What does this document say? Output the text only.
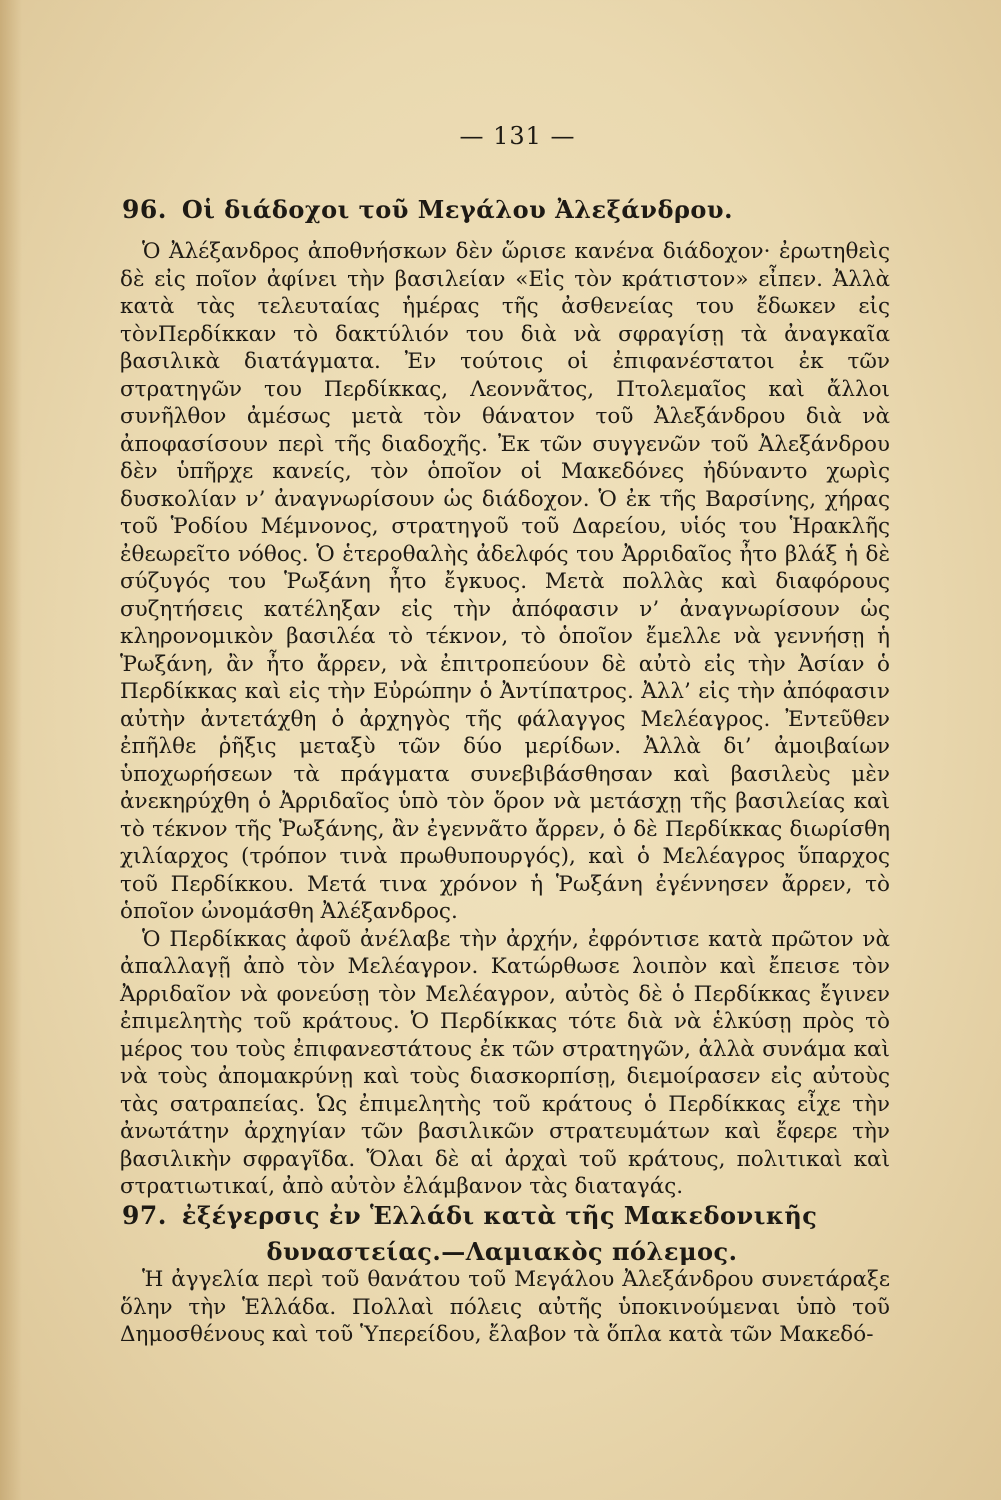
— 131 —
96. Οἱ διάδοχοι τοῦ Μεγάλου Ἀλεξάνδρου.

Ὁ Ἀλέξανδρος ἀποθνήσκων δὲν ὥρισε κανένα διάδοχον· ἐρωτηθεὶς δὲ εἰς ποῖον ἀφίνει τὴν βασιλείαν «Εἰς τὸν κράτιστον» εἶπεν. Ἀλλὰ κατὰ τὰς τελευταίας ἡμέρας τῆς ἀσθενείας του ἔδωκεν εἰς τὸνΠερδίκκαν τὸ δακτύλιόν του διὰ νὰ σφραγίσῃ τὰ ἀναγκαῖα βασιλικὰ διατάγματα. Ἐν τούτοις οἱ ἐπιφανέστατοι ἐκ τῶν στρατηγῶν του Περδίκκας, Λεοννᾶτος, Πτολεμαῖος καὶ ἄλλοι συνῆλθον ἀμέσως μετὰ τὸν θάνατον τοῦ Ἀλεξάνδρου διὰ νὰ ἀποφασίσουν περὶ τῆς διαδοχῆς. Ἐκ τῶν συγγενῶν τοῦ Ἀλεξάνδρου δὲν ὑπῆρχε κανείς, τὸν ὁποῖον οἱ Μακεδόνες ἠδύναντο χωρὶς δυσκολίαν ν’ ἀναγνωρίσουν ὡς διάδοχον. Ὁ ἐκ τῆς Βαρσίνης, χήρας τοῦ Ῥοδίου Μέμνονος, στρατηγοῦ τοῦ Δαρείου, υἱός του Ἡρακλῆς ἐθεωρεῖτο νόθος. Ὁ ἑτεροθαλὴς ἀδελφός του Ἀρριδαῖος ἦτο βλάξ ἡ δὲ σύζυγός του Ῥωξάνη ἦτο ἔγκυος. Μετὰ πολλὰς καὶ διαφόρους συζητήσεις κατέληξαν εἰς τὴν ἀπόφασιν ν’ ἀναγνωρίσουν ὡς κληρονομικὸν βασιλέα τὸ τέκνον, τὸ ὁποῖον ἔμελλε νὰ γεννήσῃ ἡ Ῥωξάνη, ἂν ἦτο ἄρρεν, νὰ ἐπιτροπεύουν δὲ αὐτὸ εἰς τὴν Ἀσίαν ὁ Περδίκκας καὶ εἰς τὴν Εὐρώπην ὁ Ἀντίπατρος. Ἀλλ’ εἰς τὴν ἀπόφασιν αὐτὴν ἀντετάχθη ὁ ἀρχηγὸς τῆς φάλαγγος Μελέαγρος. Ἐντεῦθεν ἐπῆλθε ῥῆξις μεταξὺ τῶν δύο μερίδων. Ἀλλὰ δι’ ἀμοιβαίων ὑποχωρήσεων τὰ πράγματα συνεβιβάσθησαν καὶ βασιλεὺς μὲν ἀνεκηρύχθη ὁ Ἀρριδαῖος ὑπὸ τὸν ὅρον νὰ μετάσχῃ τῆς βασιλείας καὶ τὸ τέκνον τῆς Ῥωξάνης, ἂν ἐγεννᾶτο ἄρρεν, ὁ δὲ Περδίκκας διωρίσθη χιλίαρχος (τρόπον τινὰ πρωθυπουργός), καὶ ὁ Μελέαγρος ὕπαρχος τοῦ Περδίκκου. Μετά τινα χρόνον ἡ Ῥωξάνη ἐγέννησεν ἄρρεν, τὸ ὁποῖον ὠνομάσθη Ἀλέξανδρος.

Ὁ Περδίκκας ἀφοῦ ἀνέλαβε τὴν ἀρχήν, ἐφρόντισε κατὰ πρῶτον νὰ ἀπαλλαγῇ ἀπὸ τὸν Μελέαγρον. Κατώρθωσε λοιπὸν καὶ ἔπεισε τὸν Ἀρριδαῖον νὰ φονεύσῃ τὸν Μελέαγρον, αὐτὸς δὲ ὁ Περδίκκας ἔγινεν ἐπιμελητὴς τοῦ κράτους. Ὁ Περδίκκας τότε διὰ νὰ ἑλκύσῃ πρὸς τὸ μέρος του τοὺς ἐπιφανεστάτους ἐκ τῶν στρατηγῶν, ἀλλὰ συνάμα καὶ νὰ τοὺς ἀπομακρύνῃ καὶ τοὺς διασκορπίσῃ, διεμοίρασεν εἰς αὐτοὺς τὰς σατραπείας. Ὡς ἐπιμελητὴς τοῦ κράτους ὁ Περδίκκας εἶχε τὴν ἀνωτάτην ἀρχηγίαν τῶν βασιλικῶν στρατευμάτων καὶ ἔφερε τὴν βασιλικὴν σφραγῖδα. Ὅλαι δὲ αἱ ἀρχαὶ τοῦ κράτους, πολιτικαὶ καὶ στρατιωτικαί, ἀπὸ αὐτὸν ἐλάμβανον τὰς διαταγάς.

97. ἐξέγερσις ἐν Ἑλλάδι κατὰ τῆς Μακεδονικῆς
δυναστείας.—Λαμιακὸς πόλεμος.

Ἡ ἀγγελία περὶ τοῦ θανάτου τοῦ Μεγάλου Ἀλεξάνδρου συνετάραξε ὅλην τὴν Ἑλλάδα. Πολλαὶ πόλεις αὐτῆς ὑποκινούμεναι ὑπὸ τοῦ Δημοσθένους καὶ τοῦ Ὑπερείδου, ἔλαβον τὰ ὅπλα κατὰ τῶν Μακεδό-
